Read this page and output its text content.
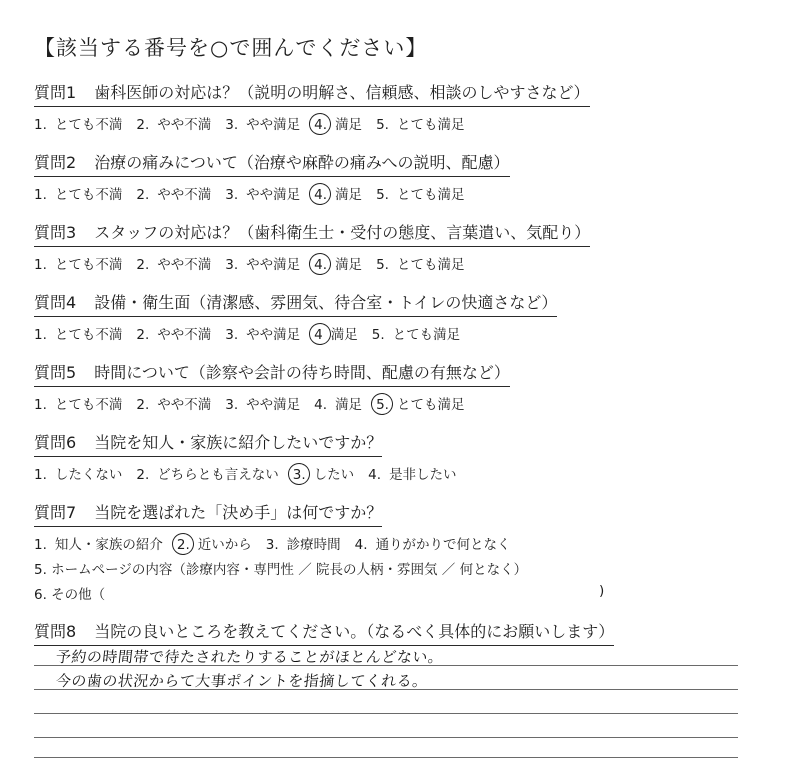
【該当する番号を○で囲んでください】
質問1 歯科医師の対応は？（説明の明解さ、信頼感、相談のしやすさなど）
1. とても不満 2. やや不満 3. やや満足 4. 満足 5. とても満足
質問2 治療の痛みについて（治療や麻酔の痛みへの説明、配慮）
1. とても不満 2. やや不満 3. やや満足 4. 満足 5. とても満足
質問3 スタッフの対応は？（歯科衛生士・受付の態度、言葉遣い、気配り）
1. とても不満 2. やや不満 3. やや満足 4. 満足 5. とても満足
質問4 設備・衛生面（清潔感、雰囲気、待合室・トイレの快適さなど）
1. とても不満 2. やや不満 3. やや満足 4 満足 5. とても満足
質問5 時間について（診察や会計の待ち時間、配慮の有無など）
1. とても不満 2. やや不満 3. やや満足 4. 満足 5. とても満足
質問6 当院を知人・家族に紹介したいですか？
1. したくない 2. どちらとも言えない 3. したい 4. 是非したい
質問7 当院を選ばれた「決め手」は何ですか？
1. 知人・家族の紹介 2. 近いから 3. 診療時間 4. 通りがかりで何となく
5. ホームページの内容（診療内容・専門性 ／ 院長の人柄・雰囲気 ／ 何となく）
6. その他（	)
質問8 当院の良いところを教えてください。（なるべく具体的にお願いします）
予約の時間帯で待たされたりすることがほとんどない。
今の歯の状況からて大事ポイントを指摘してくれる。
